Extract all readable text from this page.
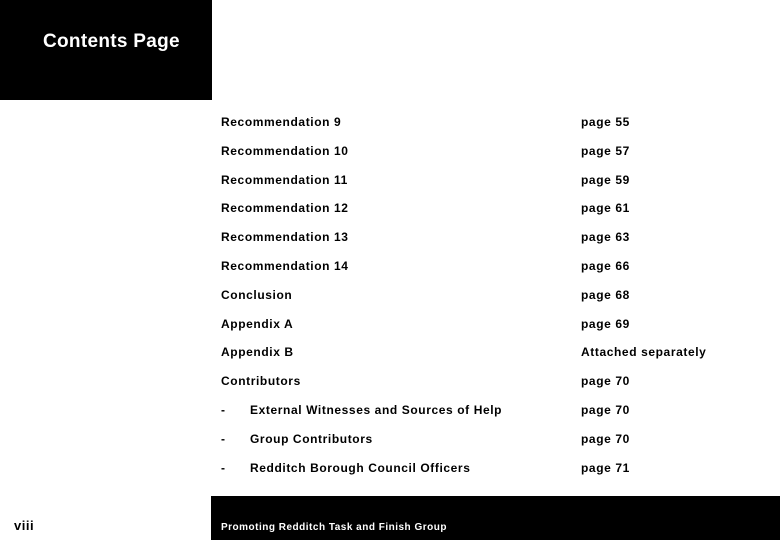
Contents Page
Recommendation 9	page 55
Recommendation 10	page 57
Recommendation 11	page 59
Recommendation 12	page 61
Recommendation 13	page 63
Recommendation 14	page 66
Conclusion	page 68
Appendix A	page 69
Appendix B	Attached separately
Contributors	page 70
- External Witnesses and Sources of Help	page 70
- Group Contributors	page 70
- Redditch Borough Council Officers	page 71
viii	Promoting Redditch Task and Finish Group
